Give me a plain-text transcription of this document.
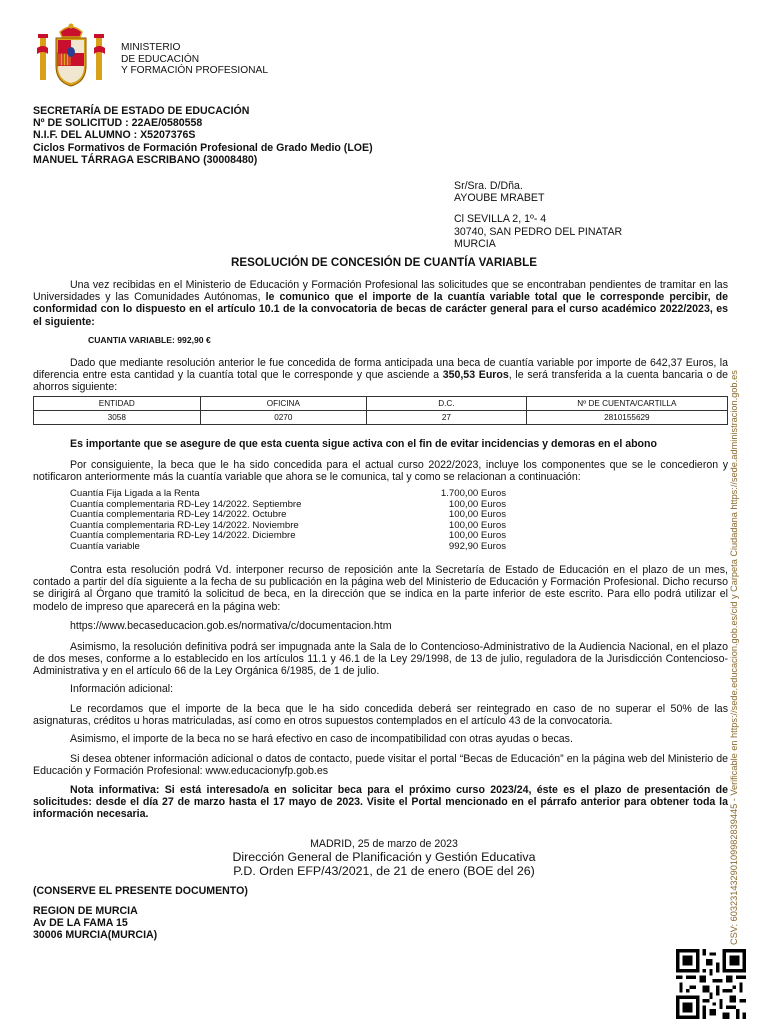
MINISTERIO
DE EDUCACIÓN
Y FORMACIÓN PROFESIONAL
SECRETARÍA DE ESTADO DE EDUCACIÓN
Nº DE SOLICITUD : 22AE/0580558
N.I.F. DEL ALUMNO : X5207376S
Ciclos Formativos de Formación Profesional de Grado Medio (LOE)
MANUEL TÁRRAGA ESCRIBANO (30008480)
Sr/Sra. D/Dña.
AYOUBE MRABET
Cl SEVILLA 2, 1º- 4
30740, SAN PEDRO DEL PINATAR
MURCIA
RESOLUCIÓN DE CONCESIÓN DE CUANTÍA VARIABLE

Una vez recibidas en el Ministerio de Educación y Formación Profesional las solicitudes que se encontraban pendientes de tramitar en las Universidades y las Comunidades Autónomas, le comunico que el importe de la cuantía variable total que le corresponde percibir, de conformidad con lo dispuesto en el artículo 10.1 de la convocatoria de becas de carácter general para el curso académico 2022/2023, es el siguiente:

CUANTIA VARIABLE: 992,90 €

Dado que mediante resolución anterior le fue concedida de forma anticipada una beca de cuantía variable por importe de 642,37 Euros, la diferencia entre esta cantidad y la cuantía total que le corresponde y que asciende a 350,53 Euros, le será transferida a la cuenta bancaria o de ahorros siguiente:

ENTIDAD	OFICINA	D.C.	Nº DE CUENTA/CARTILLA
3058	0270	27	2810155629

Es importante que se asegure de que esta cuenta sigue activa con el fin de evitar incidencias y demoras en el abono

Por consiguiente, la beca que le ha sido concedida para el actual curso 2022/2023, incluye los componentes que se le concedieron y notificaron anteriormente más la cuantía variable que ahora se le comunica, tal y como se relacionan a continuación:

Cuantía Fija Ligada a la Renta	1.700,00 Euros
Cuantía complementaria RD-Ley 14/2022. Septiembre	100,00 Euros
Cuantía complementaria RD-Ley 14/2022. Octubre	100,00 Euros
Cuantía complementaria RD-Ley 14/2022. Noviembre	100,00 Euros
Cuantía complementaria RD-Ley 14/2022. Diciembre	100,00 Euros
Cuantía variable	992,90 Euros

Contra esta resolución podrá Vd. interponer recurso de reposición ante la Secretaría de Estado de Educación en el plazo de un mes, contado a partir del día siguiente a la fecha de su publicación en la página web del Ministerio de Educación y Formación Profesional. Dicho recurso se dirigirá al Órgano que tramitó la solicitud de beca, en la dirección que se indica en la parte inferior de este escrito. Para ello podrá utilizar el modelo de impreso que aparecerá en la página web:

https://www.becaseducacion.gob.es/normativa/c/documentacion.htm

Asimismo, la resolución definitiva podrá ser impugnada ante la Sala de lo Contencioso-Administrativo de la Audiencia Nacional, en el plazo de dos meses, conforme a lo establecido en los artículos 11.1 y 46.1 de la Ley 29/1998, de 13 de julio, reguladora de la Jurisdicción Contencioso-Administrativa y en el artículo 66 de la Ley Orgánica 6/1985, de 1 de julio.

Información adicional:

Le recordamos que el importe de la beca que le ha sido concedida deberá ser reintegrado en caso de no superar el 50% de las asignaturas, créditos u horas matriculadas, así como en otros supuestos contemplados en el artículo 43 de la convocatoria.

Asimismo, el importe de la beca no se hará efectivo en caso de incompatibilidad con otras ayudas o becas.

Si desea obtener información adicional o datos de contacto, puede visitar el portal “Becas de Educación” en la página web del Ministerio de Educación y Formación Profesional: www.educacionyfp.gob.es

Nota informativa: Si está interesado/a en solicitar beca para el próximo curso 2023/24, éste es el plazo de presentación de solicitudes: desde el día 27 de marzo hasta el 17 mayo de 2023. Visite el Portal mencionado en el párrafo anterior para obtener toda la información necesaria.

MADRID, 25 de marzo de 2023
Dirección General de Planificación y Gestión Educativa
P.D. Orden EFP/43/2021, de 21 de enero (BOE del 26)
(CONSERVE EL PRESENTE DOCUMENTO)
REGION DE MURCIA
Av DE LA FAMA 15
30006 MURCIA(MURCIA)	CSV: 60323143290109982839445 - Verificable en https://sede.educacion.gob.es/cid y Carpeta Ciudadana https://sede.administracion.gob.es
